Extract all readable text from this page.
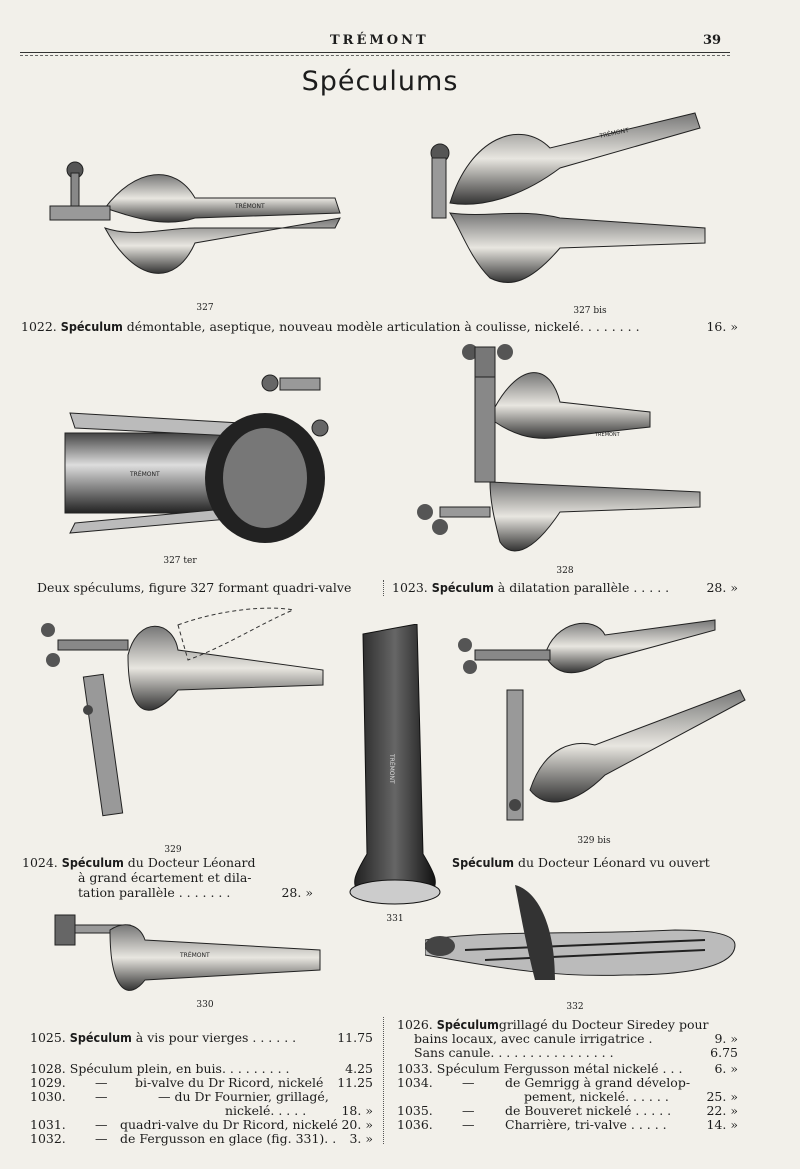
TRÉMONT	39
Spéculums
TRÉMONT
327
TRÉMONT
327 bis
1022. Spéculum démontable, aseptique, nouveau modèle articulation à coulisse, nickelé. . . . . . . .	16. »
TRÉMONT
327 ter
TRÉMONT
328
Deux spéculums, figure 327 formant quadri-valve	1023. Spéculum à dilatation parallèle . . . . .	28. »
329
TRÉMONT
331
329 bis
1024. Spéculum du Docteur Léonard
à grand écartement et dila-
tation parallèle . . . . . . .	28. »
Spéculum du Docteur Léonard vu ouvert
TRÉMONT
330	332
1025. Spéculum à vis pour vierges . . . . . .	11.75
1028. Spéculum plein, en buis. . . . . . . . .	4.25
1029. — bi-valve du Dr Ricord, nickelé	11.25
1030. —	— du Dr Fournier, grillagé,
nickelé. . . . .	18. »
1031. — quadri-valve du Dr Ricord, nickelé 20. »
1032. — de Fergusson en glace (fig. 331). .	3. »
1026. Spéculumgrillagé du Docteur Siredey pour
bains locaux, avec canule irrigatrice .	9. »
Sans canule. . . . . . . . . . . . . . . .	6.75
1033. Spéculum Fergusson métal nickelé . . .	6. »
1034. — de Gemrigg à grand dévelop-
pement, nickelé. . . . . .	25. »
1035. — de Bouveret nickelé . . . . .	22. »
1036. — Charrière, tri-valve . . . . .	14. »
